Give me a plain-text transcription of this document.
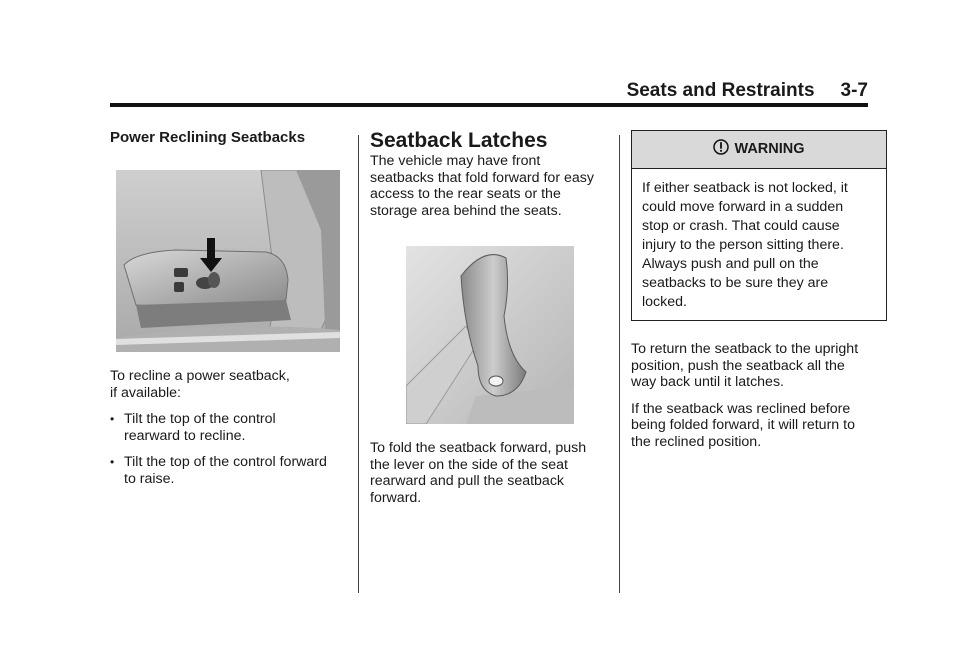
Seats and Restraints 3-7

Power Reclining Seatbacks

To recline a power seatback,

if available:

• Tilt the top of the control

rearward to recline.

• Tilt the top of the control forward

to raise.

Seatback Latches

The vehicle may have front

seatbacks that fold forward for easy

access to the rear seats or the

storage area behind the seats.

To fold the seatback forward, push

the lever on the side of the seat

rearward and pull the seatback

forward.

WARNING

If either seatback is not locked, it

could move forward in a sudden

stop or crash. That could cause

injury to the person sitting there.

Always push and pull on the

seatbacks to be sure they are

locked.

To return the seatback to the upright

position, push the seatback all the

way back until it latches.

If the seatback was reclined before

being folded forward, it will return to

the reclined position.
